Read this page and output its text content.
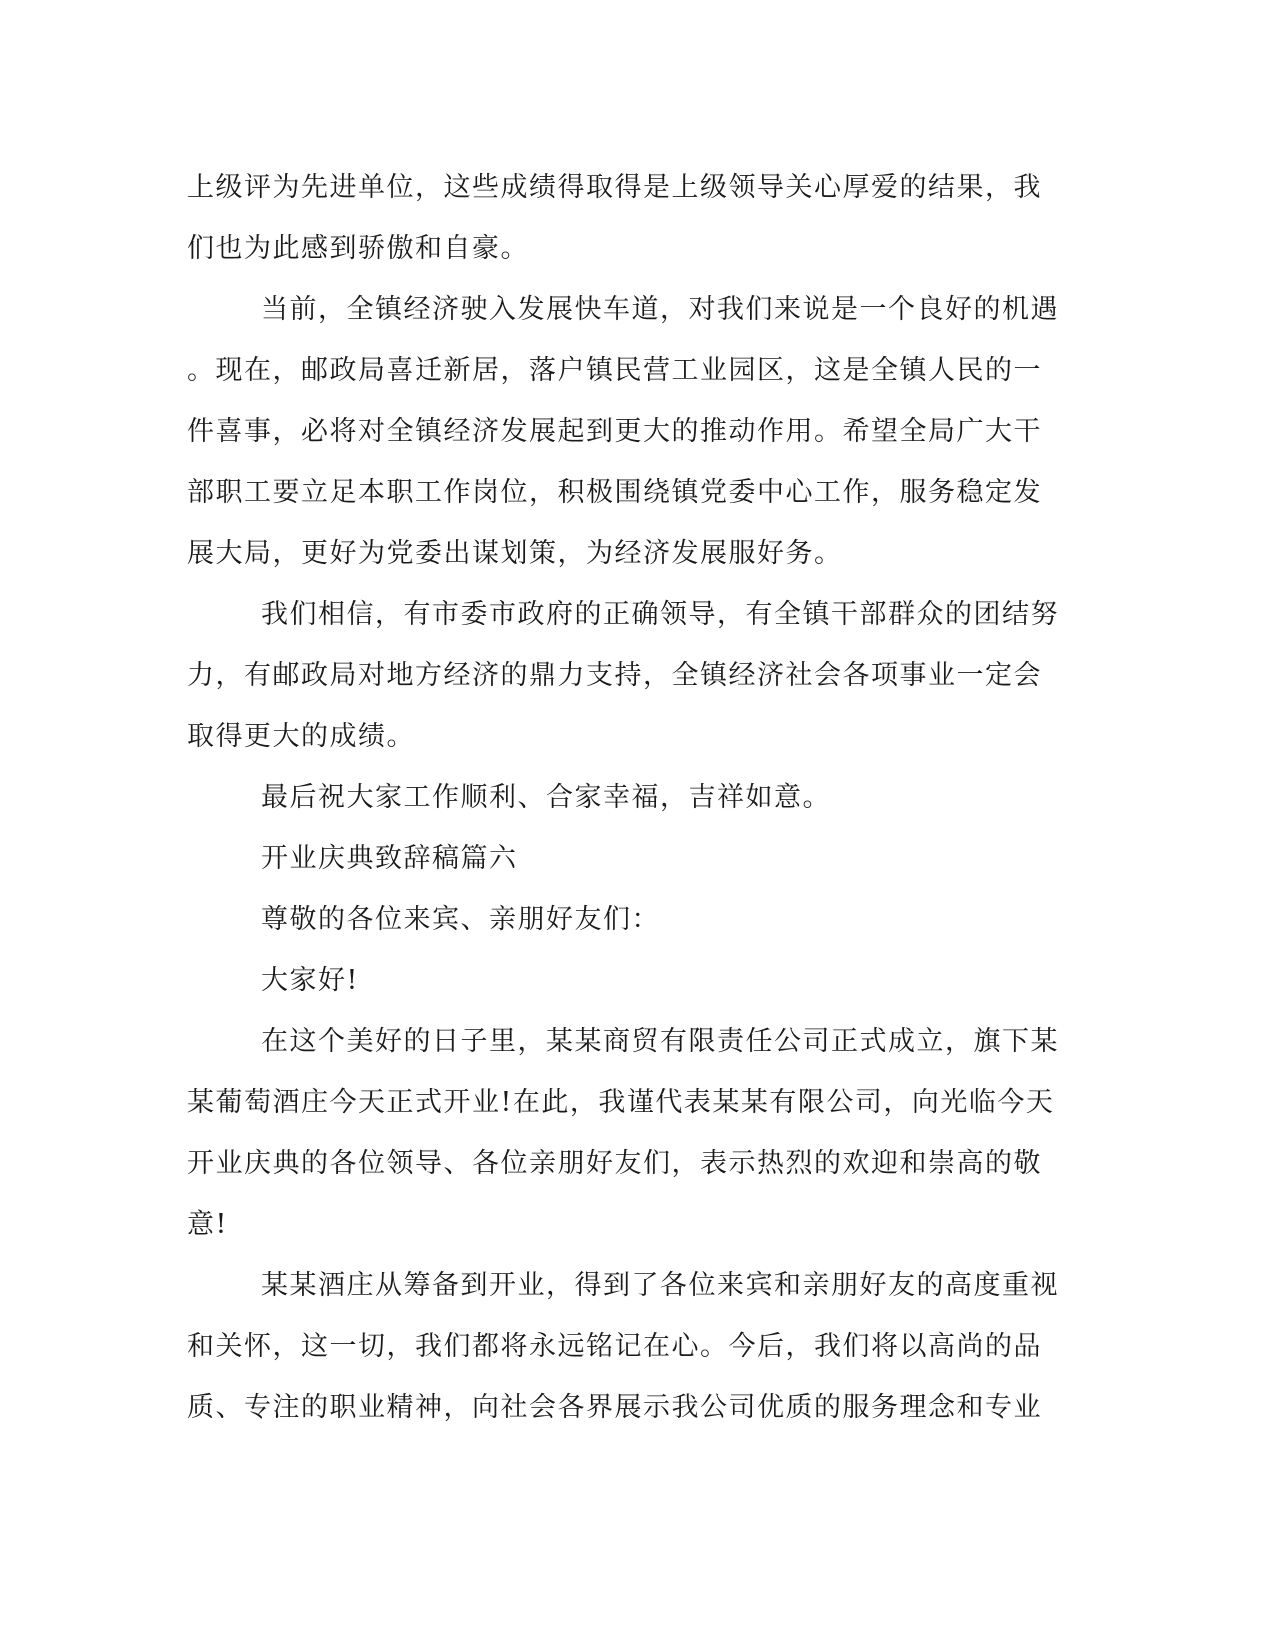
上级评为先进单位，这些成绩得取得是上级领导关心厚爱的结果，我
们也为此感到骄傲和自豪。
当前，全镇经济驶入发展快车道，对我们来说是一个良好的机遇
。现在，邮政局喜迁新居，落户镇民营工业园区，这是全镇人民的一
件喜事，必将对全镇经济发展起到更大的推动作用。希望全局广大干
部职工要立足本职工作岗位，积极围绕镇党委中心工作，服务稳定发
展大局，更好为党委出谋划策，为经济发展服好务。
我们相信，有市委市政府的正确领导，有全镇干部群众的团结努
力，有邮政局对地方经济的鼎力支持，全镇经济社会各项事业一定会
取得更大的成绩。
最后祝大家工作顺利、合家幸福，吉祥如意。
开业庆典致辞稿篇六
尊敬的各位来宾、亲朋好友们：
大家好!
在这个美好的日子里，某某商贸有限责任公司正式成立，旗下某
某葡萄酒庄今天正式开业!在此，我谨代表某某有限公司，向光临今天
开业庆典的各位领导、各位亲朋好友们，表示热烈的欢迎和崇高的敬
意!
某某酒庄从筹备到开业，得到了各位来宾和亲朋好友的高度重视
和关怀，这一切，我们都将永远铭记在心。今后，我们将以高尚的品
质、专注的职业精神，向社会各界展示我公司优质的服务理念和专业
